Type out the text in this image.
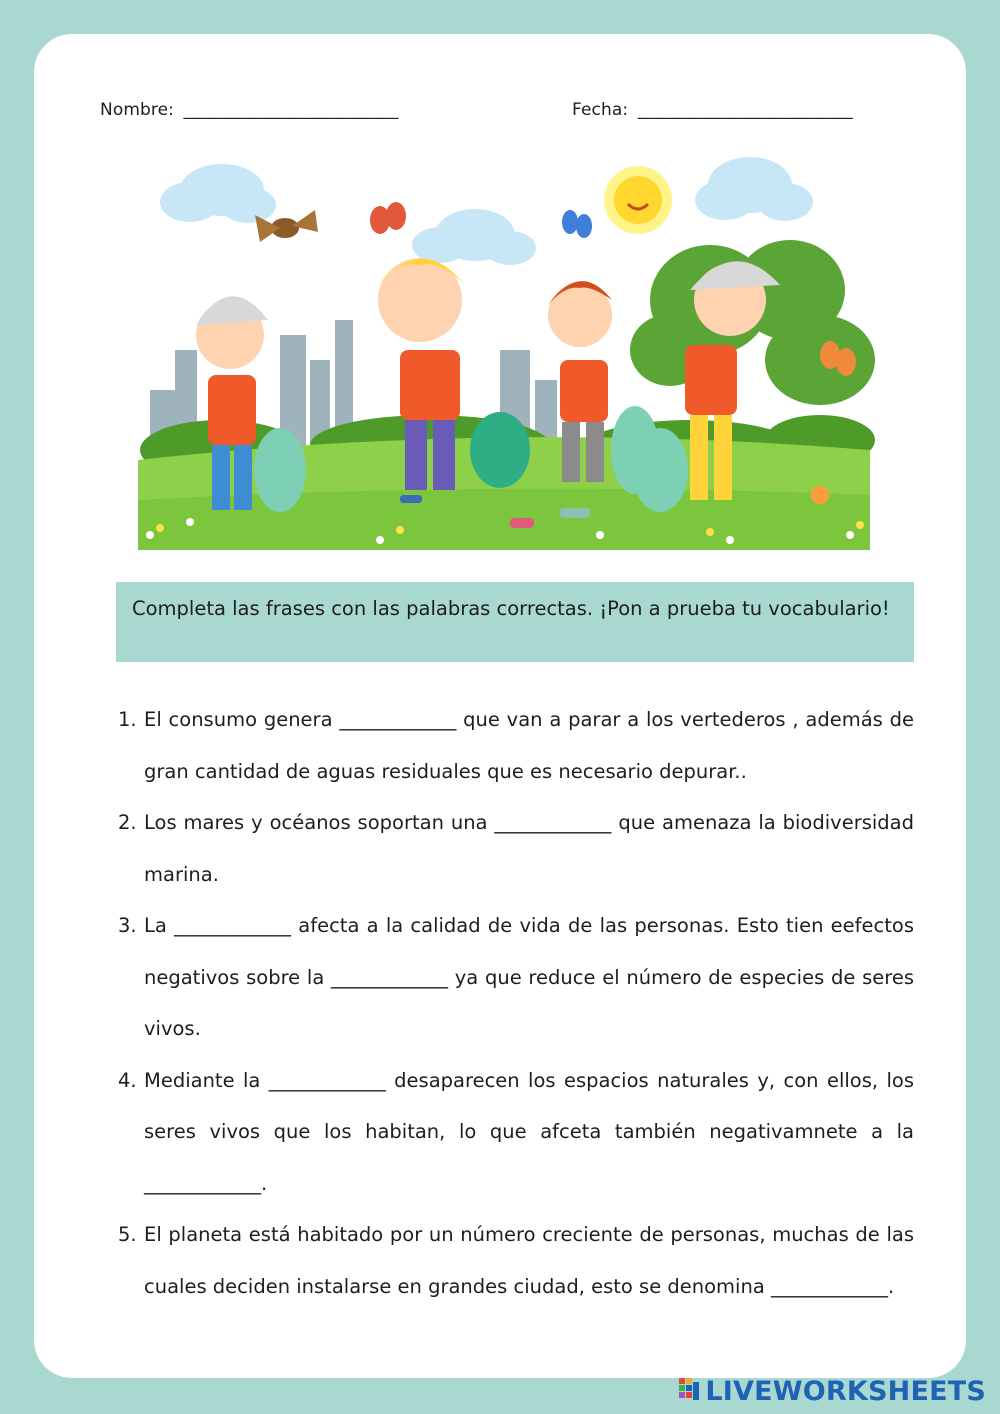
Nombre: _________________________	Fecha: _________________________
Completa las frases con las palabras correctas. ¡Pon a prueba tu vocabulario!
1. El consumo genera ____________ que van a parar a los vertederos , además de gran cantidad de aguas residuales que es necesario depurar..
2. Los mares y océanos soportan una ____________ que amenaza la biodiversidad marina.
3. La ____________ afecta a la calidad de vida de las personas. Esto tien eefectos negativos sobre la ____________ ya que reduce el número de especies de seres vivos.
4. Mediante la ____________ desaparecen los espacios naturales y, con ellos, los seres vivos que los habitan, lo que afceta también negativamnete a la ____________.
5. El planeta está habitado por un número creciente de personas, muchas de las cuales deciden instalarse en grandes ciudad, esto se denomina ____________.
LIVEWORKSHEETS
